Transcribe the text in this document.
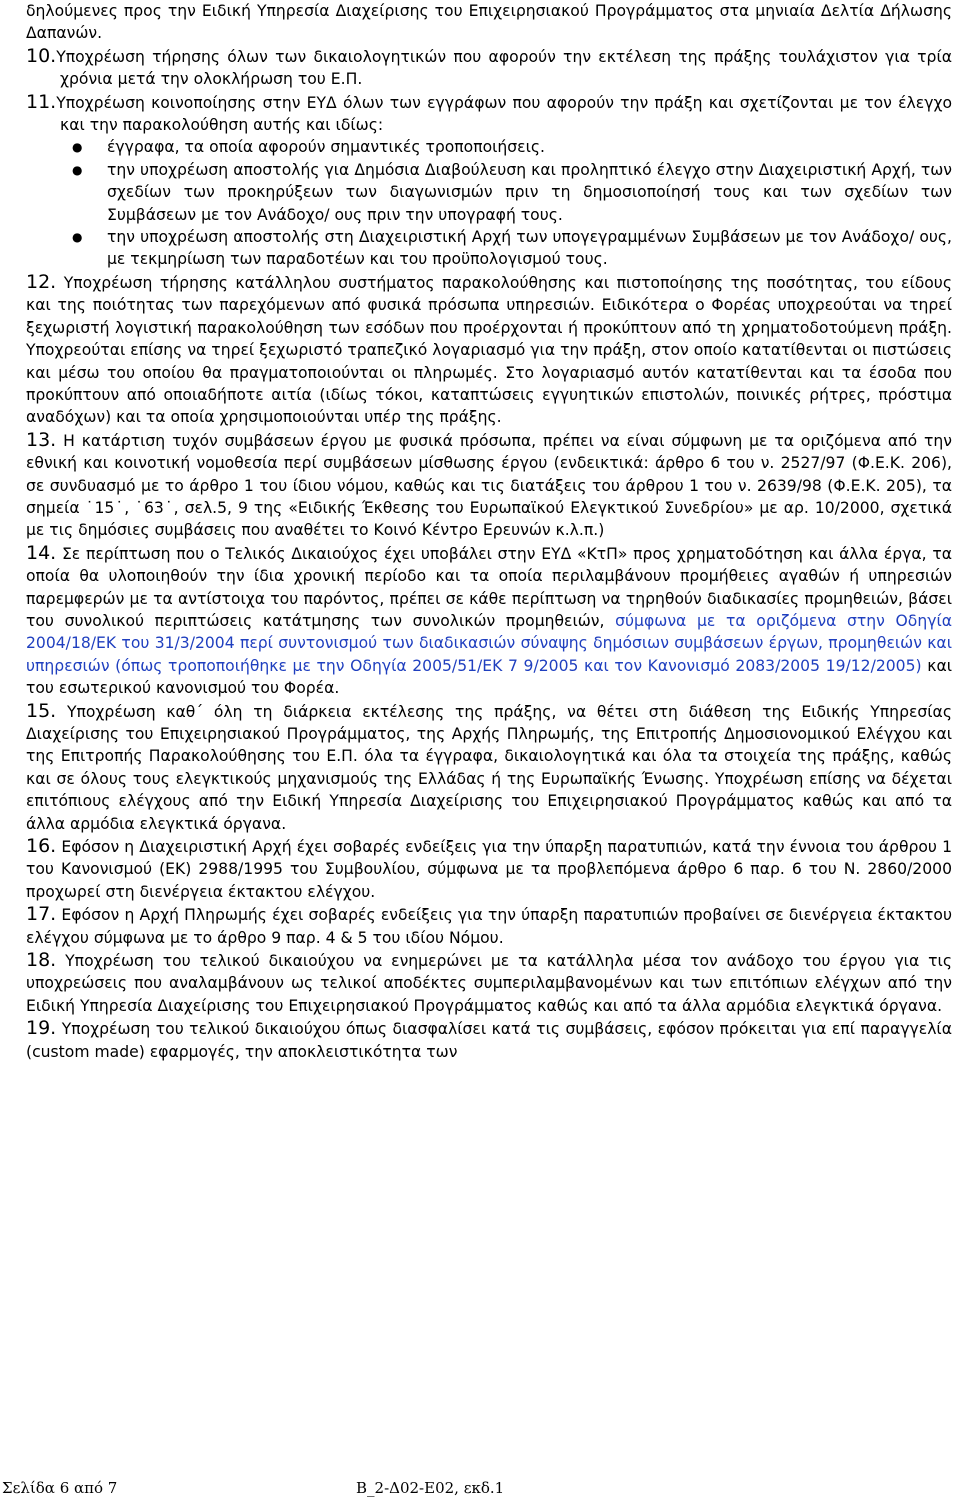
δηλούμενες προς την Ειδική Υπηρεσία Διαχείρισης του Επιχειρησιακού Προγράμματος στα μηνιαία Δελτία Δήλωσης Δαπανών.

10.Υποχρέωση τήρησης όλων των δικαιολογητικών που αφορούν την εκτέλεση της πράξης τουλάχιστον για τρία χρόνια μετά την ολοκλήρωση του Ε.Π.

11.Υποχρέωση κοινοποίησης στην ΕΥΔ όλων των εγγράφων που αφορούν την πράξη και σχετίζονται με τον έλεγχο και την παρακολούθηση αυτής και ιδίως:

● έγγραφα, τα οποία αφορούν σημαντικές τροποποιήσεις.

● την υποχρέωση αποστολής για Δημόσια Διαβούλευση και προληπτικό έλεγχο στην Διαχειριστική Αρχή, των σχεδίων των προκηρύξεων των διαγωνισμών πριν τη δημοσιοποίησή τους και των σχεδίων των Συμβάσεων με τον Ανάδοχο/ ους πριν την υπογραφή τους.

● την υποχρέωση αποστολής στη Διαχειριστική Αρχή των υπογεγραμμένων Συμβάσεων με τον Ανάδοχο/ ους, με τεκμηρίωση των παραδοτέων και του προϋπολογισμού τους.

12. Υποχρέωση τήρησης κατάλληλου συστήματος παρακολούθησης και πιστοποίησης της ποσότητας, του είδους και της ποιότητας των παρεχόμενων από φυσικά πρόσωπα υπηρεσιών. Ειδικότερα ο Φορέας υποχρεούται να τηρεί ξεχωριστή λογιστική παρακολούθηση των εσόδων που προέρχονται ή προκύπτουν από τη χρηματοδοτούμενη πράξη. Υποχρεούται επίσης να τηρεί ξεχωριστό τραπεζικό λογαριασμό για την πράξη, στον οποίο κατατίθενται οι πιστώσεις και μέσω του οποίου θα πραγματοποιούνται οι πληρωμές. Στο λογαριασμό αυτόν κατατίθενται και τα έσοδα που προκύπτουν από οποιαδήποτε αιτία (ιδίως τόκοι, καταπτώσεις εγγυητικών επιστολών, ποινικές ρήτρες, πρόστιμα αναδόχων) και τα οποία χρησιμοποιούνται υπέρ της πράξης.

13. Η κατάρτιση τυχόν συμβάσεων έργου με φυσικά πρόσωπα, πρέπει να είναι σύμφωνη με τα οριζόμενα από την εθνική και κοινοτική νομοθεσία περί συμβάσεων μίσθωσης έργου (ενδεικτικά: άρθρο 6 του ν. 2527/97 (Φ.Ε.Κ. 206), σε συνδυασμό με το άρθρο 1 του ίδιου νόμου, καθώς και τις διατάξεις του άρθρου 1 του ν. 2639/98 (Φ.Ε.Κ. 205), τα σημεία ˙15˙, ˙63˙, σελ.5, 9 της «Ειδικής Έκθεσης του Ευρωπαϊκού Ελεγκτικού Συνεδρίου» με αρ. 10/2000, σχετικά με τις δημόσιες συμβάσεις που αναθέτει το Κοινό Κέντρο Ερευνών κ.λ.π.)

14. Σε περίπτωση που ο Τελικός Δικαιούχος έχει υποβάλει στην ΕΥΔ «ΚτΠ» προς χρηματοδότηση και άλλα έργα, τα οποία θα υλοποιηθούν την ίδια χρονική περίοδο και τα οποία περιλαμβάνουν προμήθειες αγαθών ή υπηρεσιών παρεμφερών με τα αντίστοιχα του παρόντος, πρέπει σε κάθε περίπτωση να τηρηθούν διαδικασίες προμηθειών, βάσει του συνολικού περιπτώσεις κατάτμησης των συνολικών προμηθειών, σύμφωνα με τα οριζόμενα στην Οδηγία 2004/18/ΕΚ του 31/3/2004 περί συντονισμού των διαδικασιών σύναψης δημόσιων συμβάσεων έργων, προμηθειών και υπηρεσιών (όπως τροποποιήθηκε με την Οδηγία 2005/51/ΕΚ 7 9/2005 και τον Κανονισμό 2083/2005 19/12/2005) και του εσωτερικού κανονισμού του Φορέα.

15. Υποχρέωση καθ΄ όλη τη διάρκεια εκτέλεσης της πράξης, να θέτει στη διάθεση της Ειδικής Υπηρεσίας Διαχείρισης του Επιχειρησιακού Προγράμματος, της Αρχής Πληρωμής, της Επιτροπής Δημοσιονομικού Ελέγχου και της Επιτροπής Παρακολούθησης του Ε.Π. όλα τα έγγραφα, δικαιολογητικά και όλα τα στοιχεία της πράξης, καθώς και σε όλους τους ελεγκτικούς μηχανισμούς της Ελλάδας ή της Ευρωπαϊκής Ένωσης. Υποχρέωση επίσης να δέχεται επιτόπιους ελέγχους από την Ειδική Υπηρεσία Διαχείρισης του Επιχειρησιακού Προγράμματος καθώς και από τα άλλα αρμόδια ελεγκτικά όργανα.

16. Εφόσον η Διαχειριστική Αρχή έχει σοβαρές ενδείξεις για την ύπαρξη παρατυπιών, κατά την έννοια του άρθρου 1 του Κανονισμού (ΕΚ) 2988/1995 του Συμβουλίου, σύμφωνα με τα προβλεπόμενα άρθρο 6 παρ. 6 του Ν. 2860/2000 προχωρεί στη διενέργεια έκτακτου ελέγχου.

17. Εφόσον η Αρχή Πληρωμής έχει σοβαρές ενδείξεις για την ύπαρξη παρατυπιών προβαίνει σε διενέργεια έκτακτου ελέγχου σύμφωνα με το άρθρο 9 παρ. 4 & 5 του ιδίου Νόμου.

18. Υποχρέωση του τελικού δικαιούχου να ενημερώνει με τα κατάλληλα μέσα τον ανάδοχο του έργου για τις υποχρεώσεις που αναλαμβάνουν ως τελικοί αποδέκτες συμπεριλαμβανομένων και των επιτόπιων ελέγχων από την Ειδική Υπηρεσία Διαχείρισης του Επιχειρησιακού Προγράμματος καθώς και από τα άλλα αρμόδια ελεγκτικά όργανα.

19. Υποχρέωση του τελικού δικαιούχου όπως διασφαλίσει κατά τις συμβάσεις, εφόσον πρόκειται για επί παραγγελία (custom made) εφαρμογές, την αποκλειστικότητα των

Σελίδα 6 από 7	Β_2-Δ02-Ε02, εκδ.1
